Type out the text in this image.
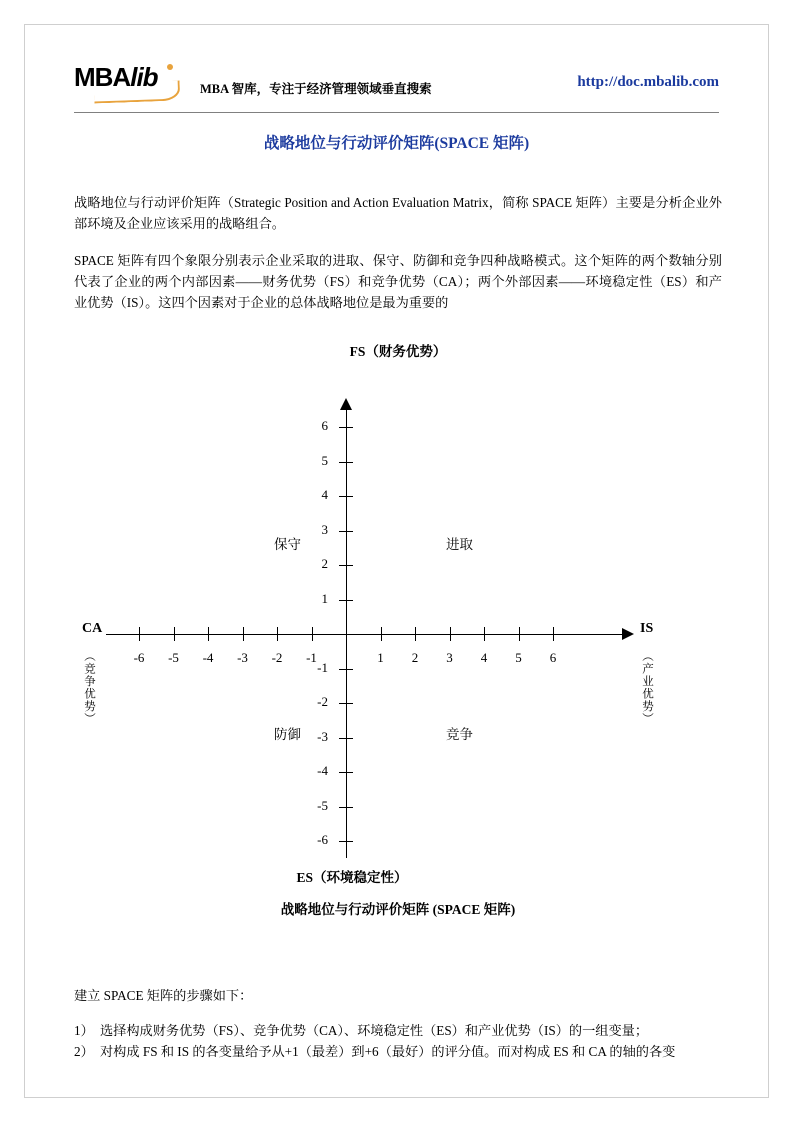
MBAlib	MBA 智库，专注于经济管理领域垂直搜索	http://doc.mbalib.com
战略地位与行动评价矩阵(SPACE 矩阵)
战略地位与行动评价矩阵（Strategic Position and Action Evaluation Matrix，简称 SPACE 矩阵）主要是分析企业外部环境及企业应该采用的战略组合。
SPACE 矩阵有四个象限分别表示企业采取的进取、保守、防御和竞争四种战略模式。这个矩阵的两个数轴分别代表了企业的两个内部因素——财务优势（FS）和竞争优势（CA）；两个外部因素——环境稳定性（ES）和产业优势（IS）。这四个因素对于企业的总体战略地位是最为重要的
FS（财务优势）
6
5
4
3
2
1
-1
-2
-3
-4
-5
-6
-6	-5	-4	-3	-2	-1	1	2	3	4	5	6
CA
（竞争优势）
IS
（产业优势）
保守	进取
防御	竞争
ES（环境稳定性）
战略地位与行动评价矩阵 (SPACE 矩阵)
建立 SPACE 矩阵的步骤如下：
1） 选择构成财务优势（FS）、竞争优势（CA）、环境稳定性（ES）和产业优势（IS）的一组变量；
2） 对构成 FS 和 IS 的各变量给予从+1（最差）到+6（最好）的评分值。而对构成 ES 和 CA 的轴的各变
